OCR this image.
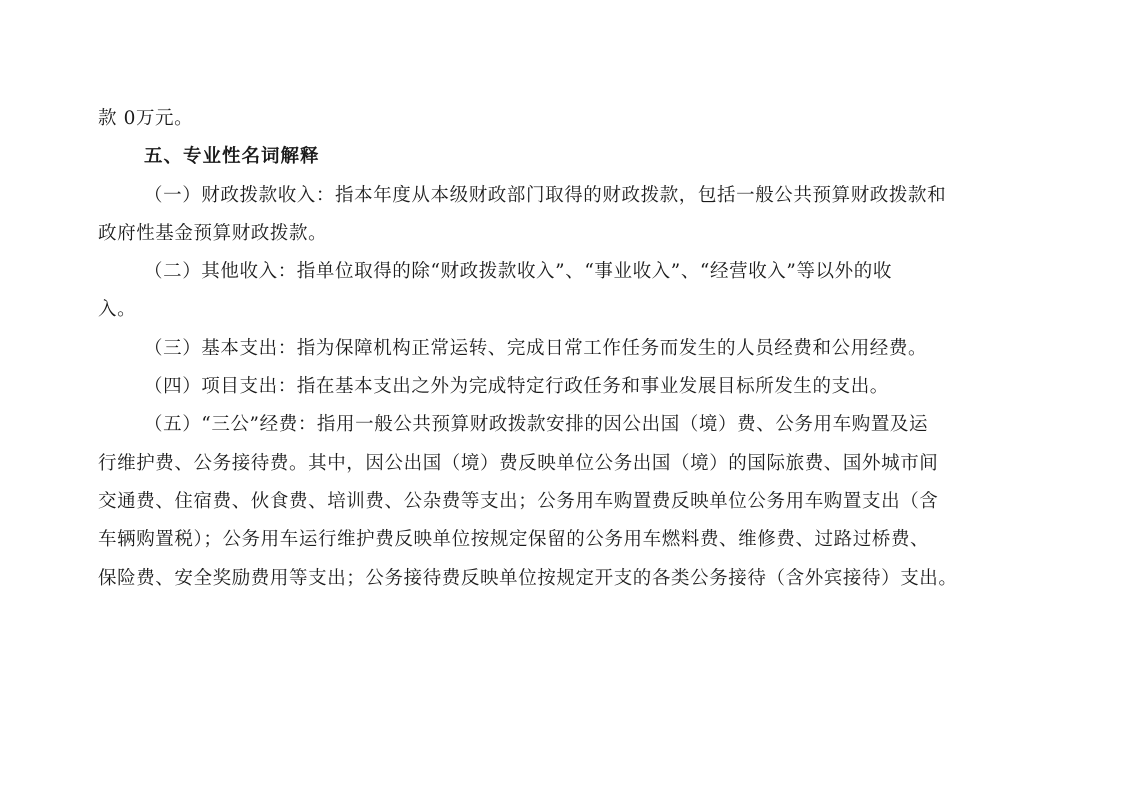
款 0万元。

五、专业性名词解释

（一）财政拨款收入：指本年度从本级财政部门取得的财政拨款，包括一般公共预算财政拨款和

政府性基金预算财政拨款。

（二）其他收入：指单位取得的除“财政拨款收入”、“事业收入”、“经营收入”等以外的收

入。

（三）基本支出：指为保障机构正常运转、完成日常工作任务而发生的人员经费和公用经费。

（四）项目支出：指在基本支出之外为完成特定行政任务和事业发展目标所发生的支出。

（五）“三公”经费：指用一般公共预算财政拨款安排的因公出国（境）费、公务用车购置及运

行维护费、公务接待费。其中，因公出国（境）费反映单位公务出国（境）的国际旅费、国外城市间

交通费、住宿费、伙食费、培训费、公杂费等支出；公务用车购置费反映单位公务用车购置支出（含

车辆购置税）；公务用车运行维护费反映单位按规定保留的公务用车燃料费、维修费、过路过桥费、

保险费、安全奖励费用等支出；公务接待费反映单位按规定开支的各类公务接待（含外宾接待）支出。
